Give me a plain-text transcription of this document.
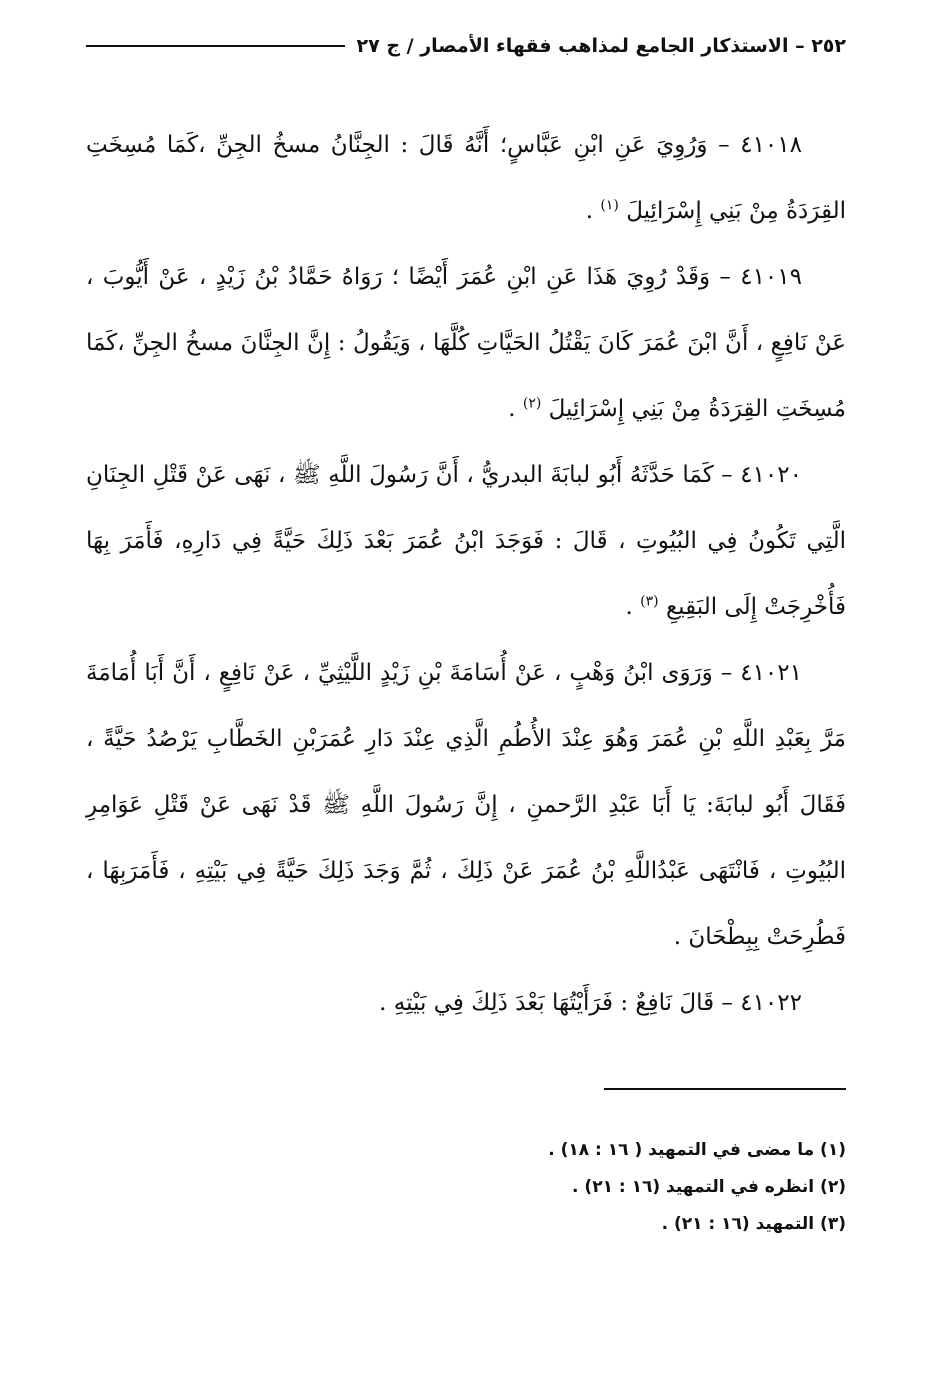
٢٥٢ – الاستذكار الجامع لمذاهب فقهاء الأمصار / ج ٢٧

٤١٠١٨ – وَرُوِيَ عَنِ ابْنِ عَبَّاسٍ؛ أَنَّهُ قَالَ : الجِنَّانُ مسخُ الجِنِّ ،كَمَا مُسِخَتِ القِرَدَةُ مِنْ بَنِي إِسْرَائِيلَ $^{(١)}$ .

٤١٠١٩ – وَقَدْ رُوِيَ هَذَا عَنِ ابْنِ عُمَرَ أَيْضًا ؛ رَوَاهُ حَمَّادُ بْنُ زَيْدٍ ، عَنْ أَيُّوبَ ، عَنْ نَافِعٍ ، أَنَّ ابْنَ عُمَرَ كَانَ يَقْتُلُ الحَيَّاتِ كُلَّهَا ، وَيَقُولُ : إِنَّ الجِنَّانَ مسخُ الجِنِّ ،كَمَا مُسِخَتِ القِرَدَةُ مِنْ بَنِي إِسْرَائِيلَ $^{(٢)}$ .

٤١٠٢٠ – كَمَا حَدَّثَهُ أَبُو لبابَةَ البدريُّ ، أَنَّ رَسُولَ اللَّهِ ﷺ ، نَهَى عَنْ قَتْلِ الجِنَانِ الَّتِي تَكُونُ فِي البُيُوتِ ، قَالَ : فَوَجَدَ ابْنُ عُمَرَ بَعْدَ ذَلِكَ حَيَّةً فِي دَارِهِ، فَأَمَرَ بِهَا فَأُخْرِجَتْ إِلَى البَقِيعِ $^{(٣)}$ .

٤١٠٢١ – وَرَوَى ابْنُ وَهْبٍ ، عَنْ أُسَامَةَ بْنِ زَيْدٍ اللَّيْثِيِّ ، عَنْ نَافِعٍ ، أَنَّ أَبَا أُمَامَةَ مَرَّ بِعَبْدِ اللَّهِ بْنِ عُمَرَ وَهُوَ عِنْدَ الأُطُمِ الَّذِي عِنْدَ دَارِ عُمَرَبْنِ الخَطَّابِ يَرْصُدُ حَيَّةً ، فَقَالَ أَبُو لبابَةَ: يَا أَبَا عَبْدِ الرَّحمنِ ، إِنَّ رَسُولَ اللَّهِ ﷺ قَدْ نَهَى عَنْ قَتْلِ عَوَامِرِ البُيُوتِ ، فَانْتَهَى عَبْدُاللَّهِ بْنُ عُمَرَ عَنْ ذَلِكَ ، ثُمَّ وَجَدَ ذَلِكَ حَيَّةً فِي بَيْتِهِ ، فَأَمَرَبِهَا ، فَطُرِحَتْ بِبِطْحَانَ .

٤١٠٢٢ – قَالَ نَافِعٌ : فَرَأَيْتُهَا بَعْدَ ذَلِكَ فِي بَيْتِهِ .

(١) ما مضى في التمهيد ( ١٦ : ١٨) .

(٢) انظره في التمهيد (١٦ : ٢١) .

(٣) التمهيد (١٦ : ٢١) .
